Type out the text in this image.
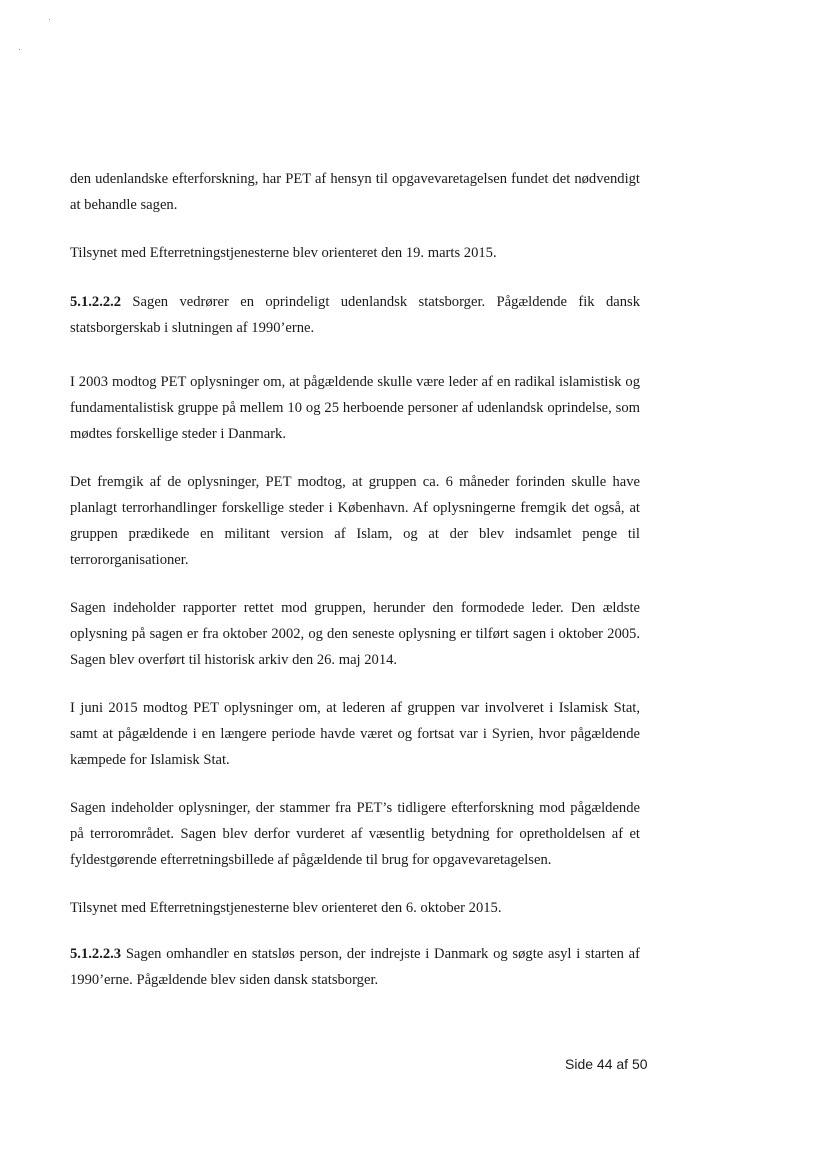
den udenlandske efterforskning, har PET af hensyn til opgavevaretagelsen fundet det nødvendigt at behandle sagen.

Tilsynet med Efterretningstjenesterne blev orienteret den 19. marts 2015.

5.1.2.2.2 Sagen vedrører en oprindeligt udenlandsk statsborger. Pågældende fik dansk statsborgerskab i slutningen af 1990’erne.

I 2003 modtog PET oplysninger om, at pågældende skulle være leder af en radikal islamistisk og fundamentalistisk gruppe på mellem 10 og 25 herboende personer af udenlandsk oprindelse, som mødtes forskellige steder i Danmark.

Det fremgik af de oplysninger, PET modtog, at gruppen ca. 6 måneder forinden skulle have planlagt terrorhandlinger forskellige steder i København. Af oplysningerne fremgik det også, at gruppen prædikede en militant version af Islam, og at der blev indsamlet penge til terrororganisationer.

Sagen indeholder rapporter rettet mod gruppen, herunder den formodede leder. Den ældste oplysning på sagen er fra oktober 2002, og den seneste oplysning er tilført sagen i oktober 2005. Sagen blev overført til historisk arkiv den 26. maj 2014.

I juni 2015 modtog PET oplysninger om, at lederen af gruppen var involveret i Islamisk Stat, samt at pågældende i en længere periode havde været og fortsat var i Syrien, hvor pågældende kæmpede for Islamisk Stat.

Sagen indeholder oplysninger, der stammer fra PET’s tidligere efterforskning mod pågældende på terrorområdet. Sagen blev derfor vurderet af væsentlig betydning for opretholdelsen af et fyldestgørende efterretningsbillede af pågældende til brug for opgavevaretagelsen.

Tilsynet med Efterretningstjenesterne blev orienteret den 6. oktober 2015.

5.1.2.2.3 Sagen omhandler en statsløs person, der indrejste i Danmark og søgte asyl i starten af 1990’erne. Pågældende blev siden dansk statsborger.

Side 44 af 50
